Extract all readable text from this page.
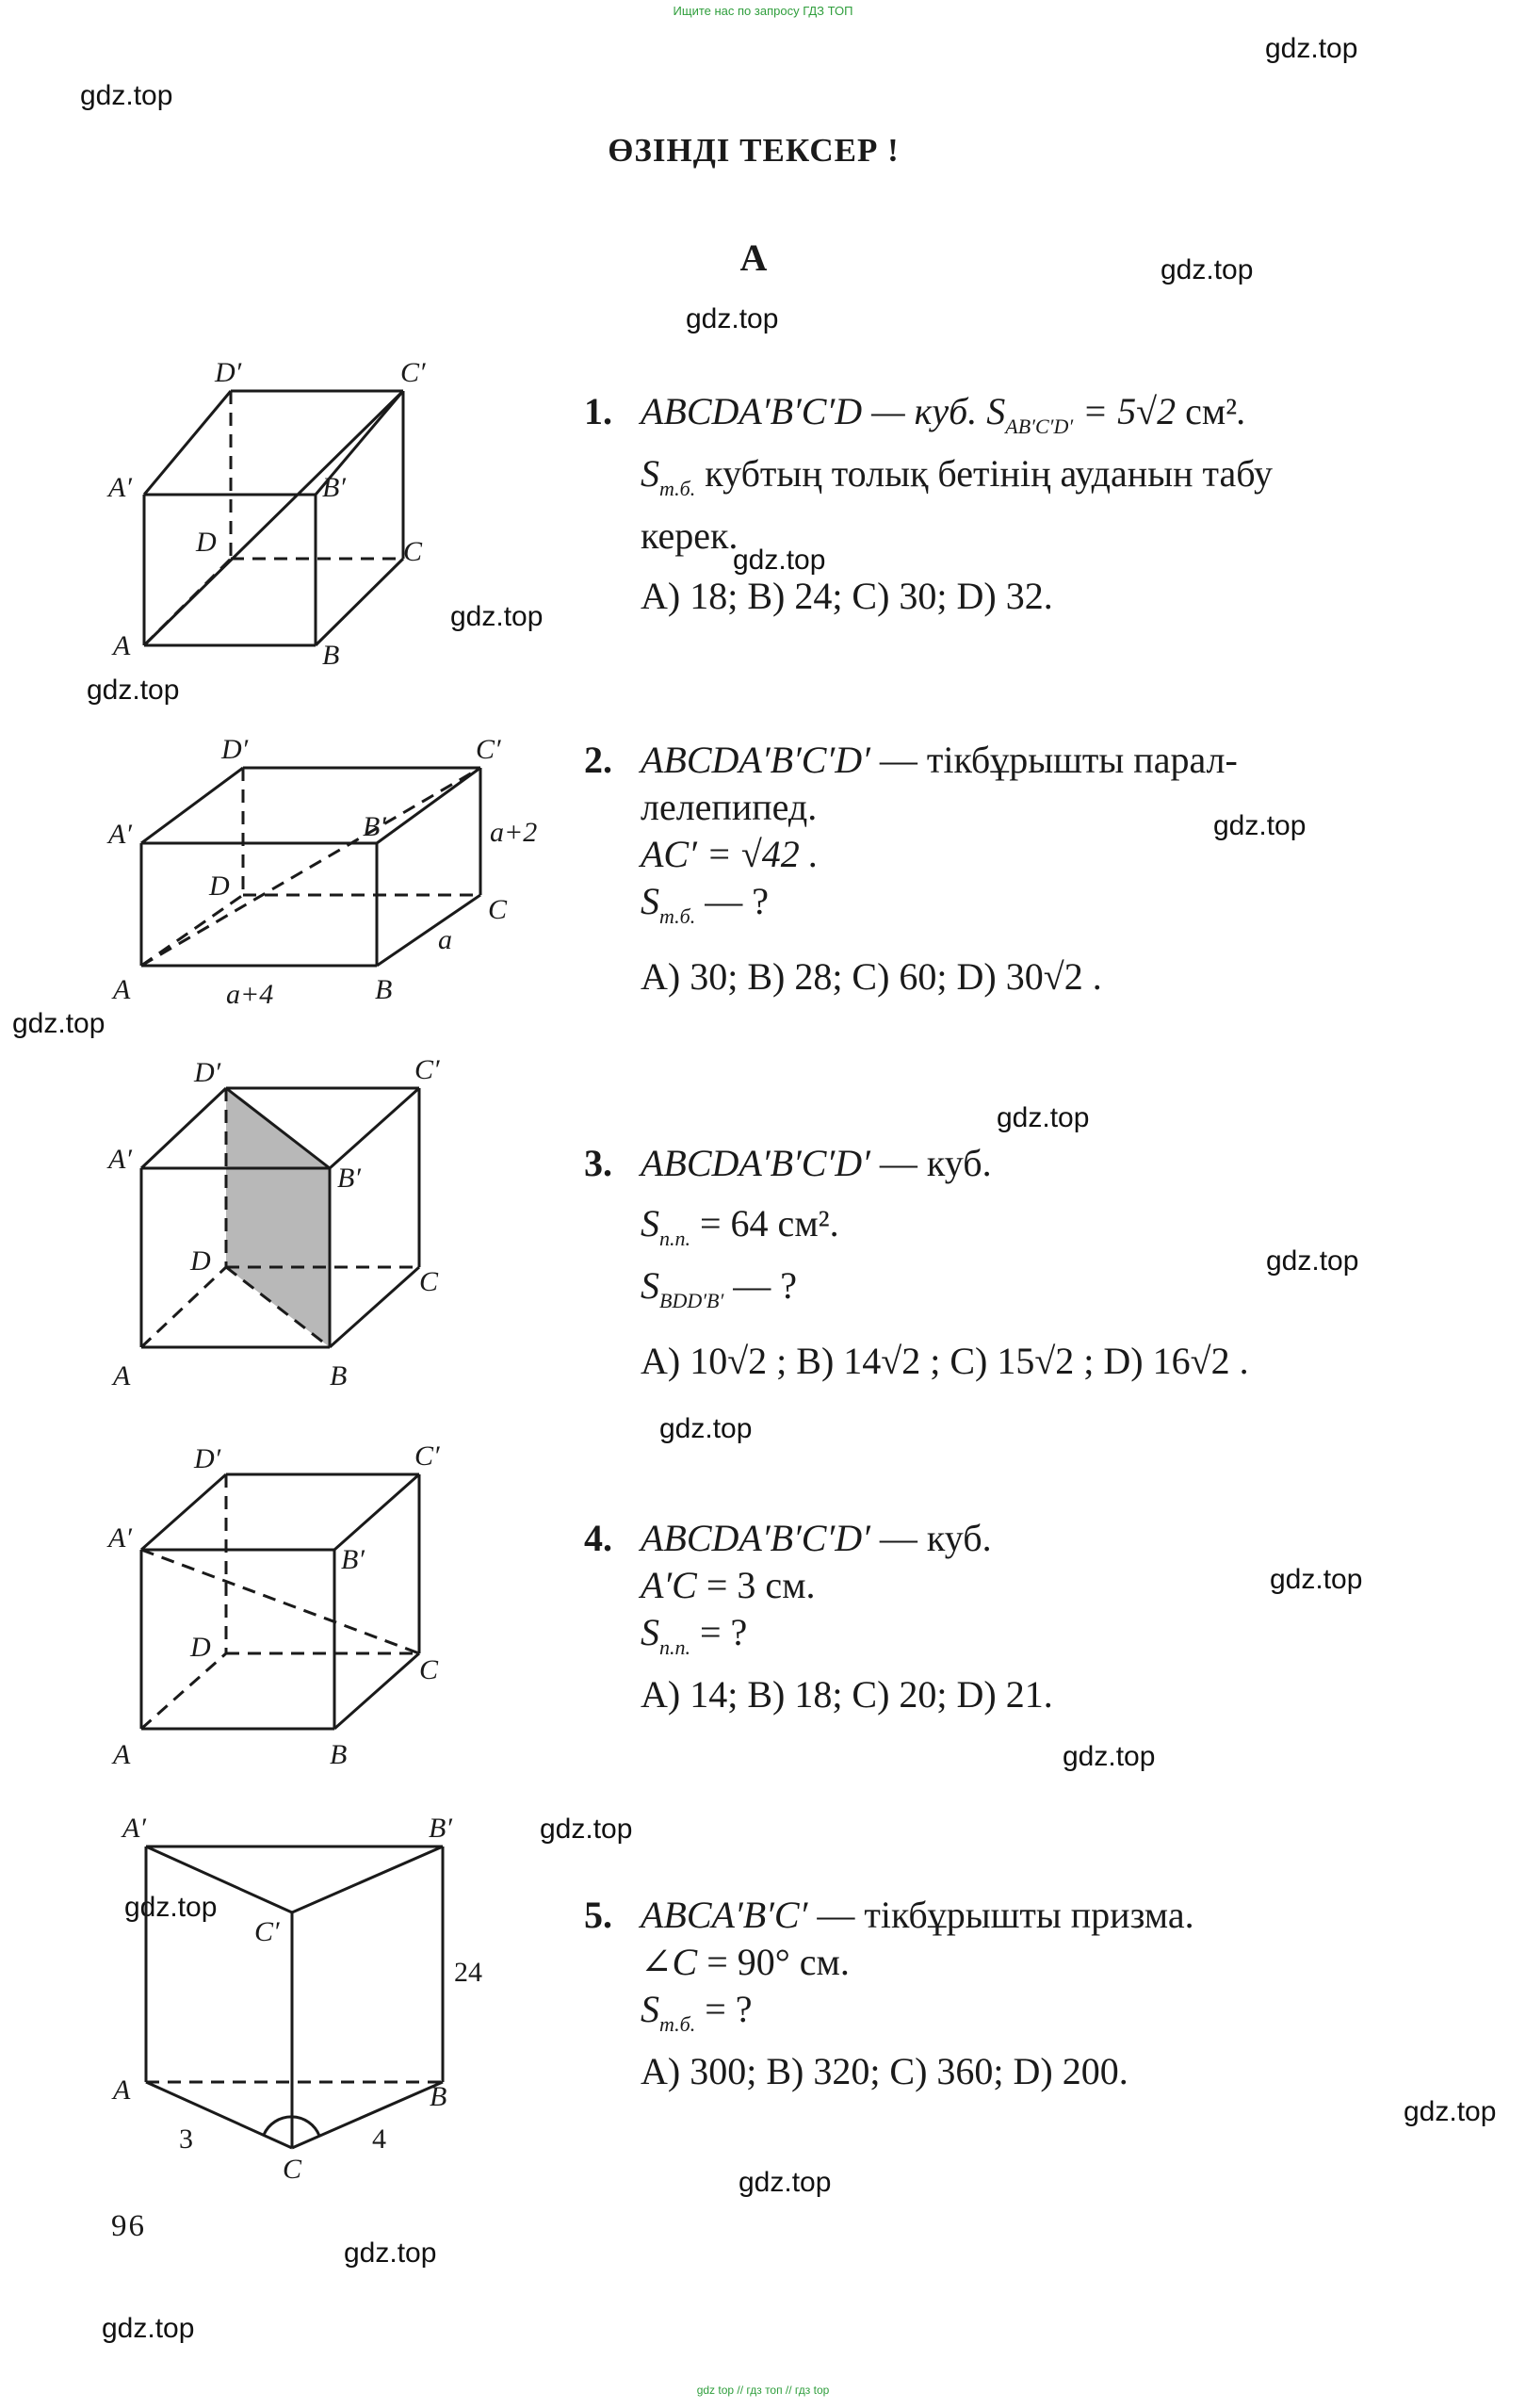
Ищите нас по запросу ГДЗ ТОП
gdz top // гдз топ // гдз top
gdz.top
gdz.top
gdz.top
gdz.top
gdz.top
gdz.top
gdz.top
gdz.top
gdz.top
gdz.top
gdz.top
gdz.top
gdz.top
gdz.top
gdz.top
gdz.top
gdz.top
gdz.top
gdz.top
gdz.top
ӨЗІНДІ ТЕКСЕР !
А
D′	C′
A′	B′
D	C
A	B
1. ABCDA′B′C′D — куб. $S_{AB'C'D'} = 5√2$ см².
$S_{т.б.}$ кубтың толық бетінің ауданын табу
керек.
A) 18; B) 24; C) 30; D) 32.
D′	C′
A′	B′	a+2
D
C
a
A	a+4	B
2. ABCDA′B′C′D′ — тікбұрышты парал-
лелепипед.
AC′ = √42 .
$S_{т.б.}$ — ?
A) 30; B) 28; C) 60; D) 30√2 .
D′	C′
A′
B′
D
C
A	B
3. ABCDA′B′C′D′ — куб.
$S_{п.п.} = 64$ см².
$S_{BDD'B'}$ — ?
A) 10√2 ; B) 14√2 ; C) 15√2 ; D) 16√2 .
D′	C′
A′
B′
D
C
A	B
4. ABCDA′B′C′D′ — куб.
A′C = 3 см.
$S_{п.п.}$ = ?
A) 14; B) 18; C) 20; D) 21.
A′	B′
C′
24
A	B
3	4
C
5. ABCA′B′C′ — тікбұрышты призма.
∠C = 90° см.
$S_{т.б.}$ = ?
A) 300; B) 320; C) 360; D) 200.
96
